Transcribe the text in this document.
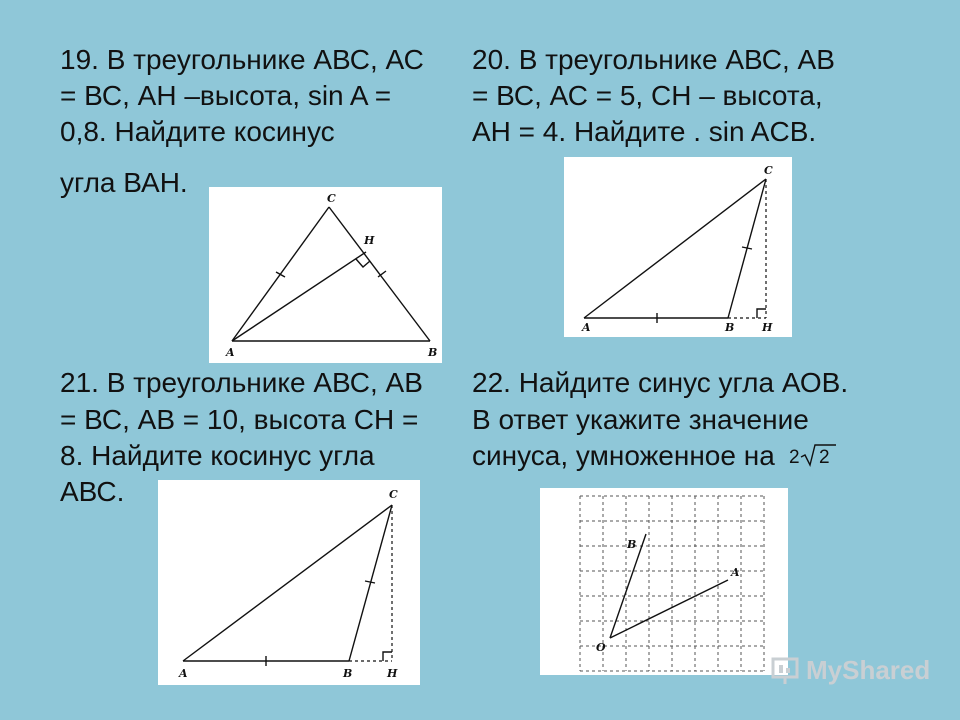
19. В треугольнике АВС, АС
= ВС, АН –высота, sin A =
0,8. Найдите косинус
угла ВАН.
20. В треугольнике АВС, АВ
= ВС, АС = 5, СН – высота,
АН = 4. Найдите . sin ACB.
21. В треугольнике АВС, АВ
= ВС, АВ = 10, высота СН =
8. Найдите косинус угла
АВС.
22. Найдите синус угла АОВ.
В ответ укажите значение
синуса, умноженное на 2 2
C
H
A	B
C
A	B	H
C
A	B	H
B
A
O
MyShared
